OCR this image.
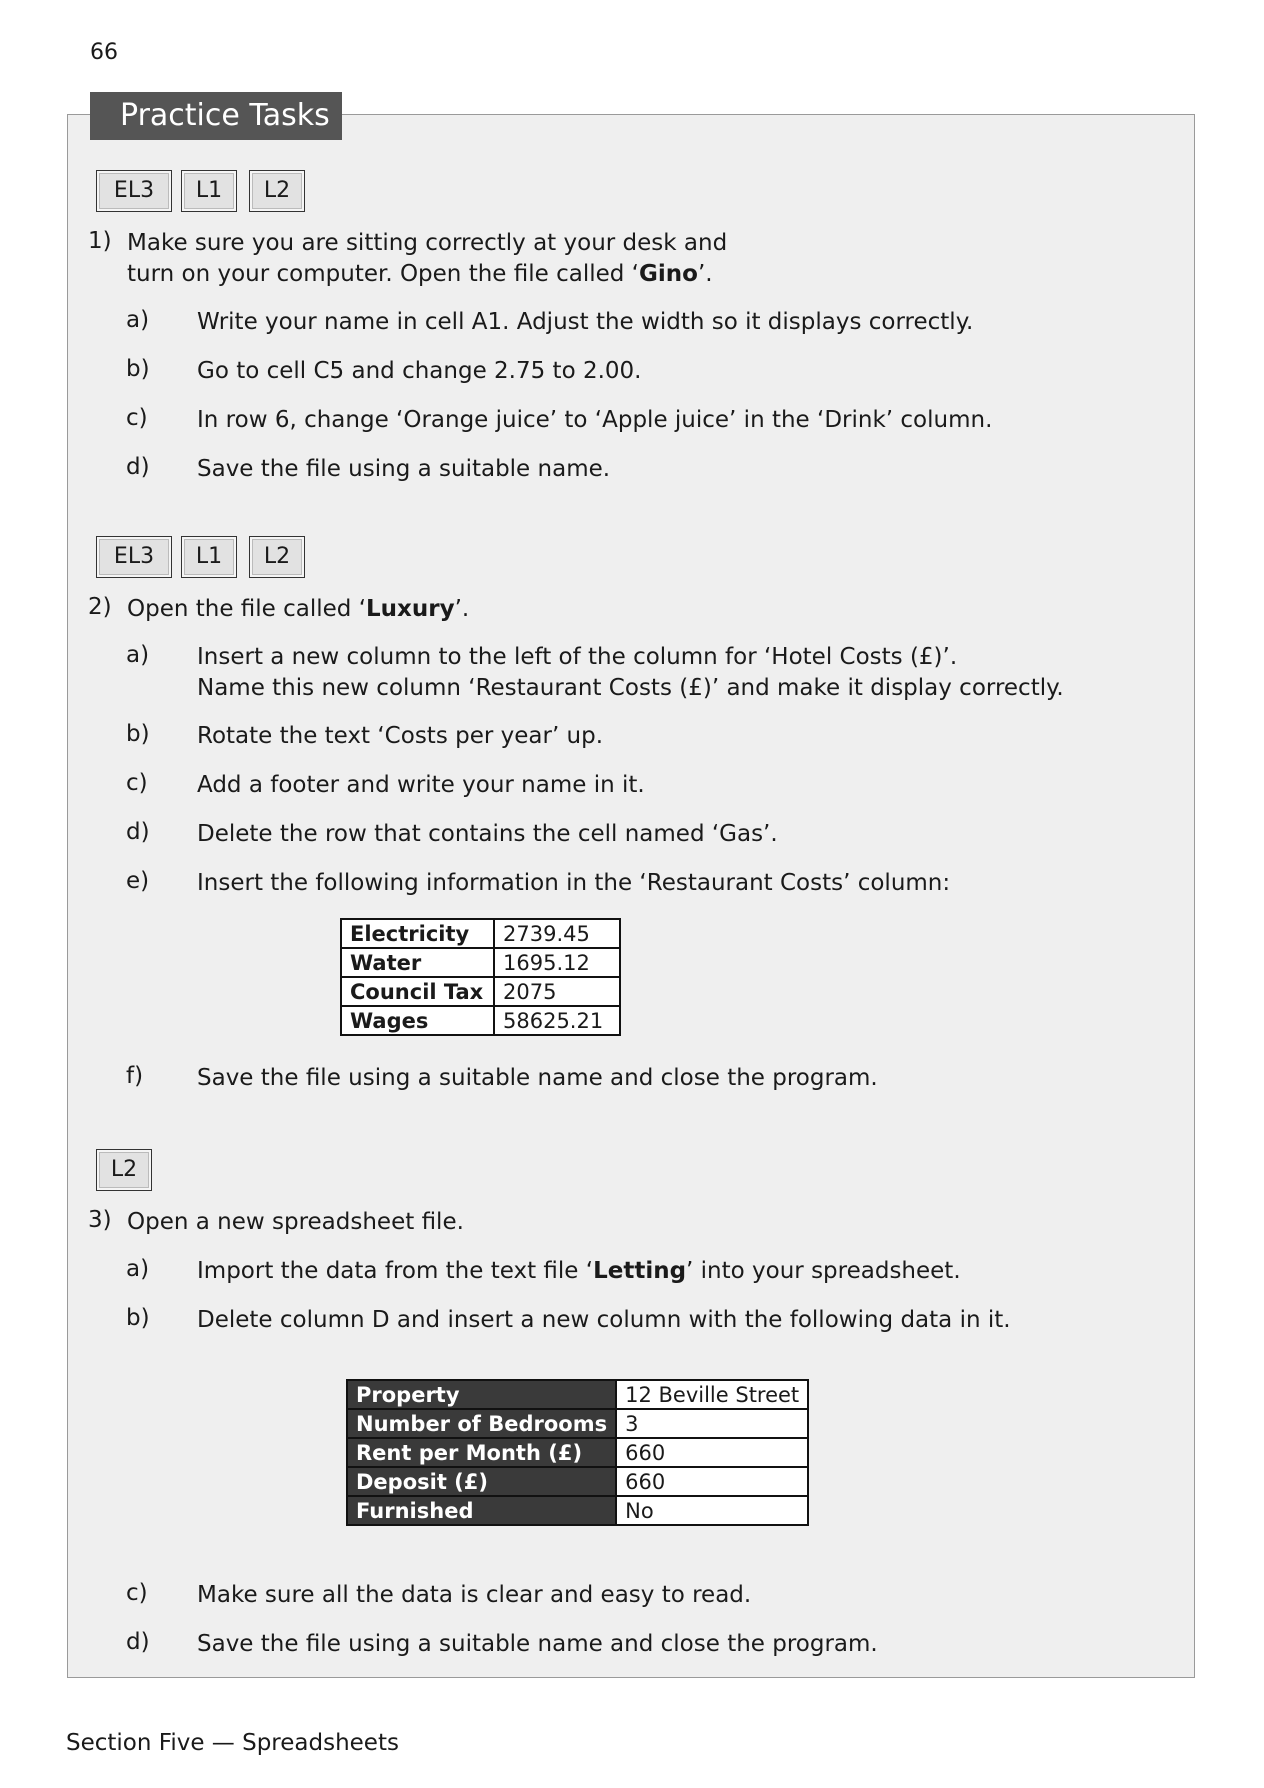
66
Practice Tasks
EL3	L1	L2
1) Make sure you are sitting correctly at your desk and
turn on your computer. Open the file called ‘Gino’.
a) Write your name in cell A1. Adjust the width so it displays correctly.
b) Go to cell C5 and change 2.75 to 2.00.
c) In row 6, change ‘Orange juice’ to ‘Apple juice’ in the ‘Drink’ column.
d) Save the file using a suitable name.
EL3	L1	L2
2) Open the file called ‘Luxury’.
a) Insert a new column to the left of the column for ‘Hotel Costs (£)’.
Name this new column ‘Restaurant Costs (£)’ and make it display correctly.
b) Rotate the text ‘Costs per year’ up.
c) Add a footer and write your name in it.
d) Delete the row that contains the cell named ‘Gas’.
e) Insert the following information in the ‘Restaurant Costs’ column:
Electricity	2739.45
Water	1695.12
Council Tax	2075
Wages	58625.21
f) Save the file using a suitable name and close the program.
L2
3) Open a new spreadsheet file.
a) Import the data from the text file ‘Letting’ into your spreadsheet.
b) Delete column D and insert a new column with the following data in it.
Property	12 Beville Street
Number of Bedrooms	3
Rent per Month (£)	660
Deposit (£)	660
Furnished	No
c) Make sure all the data is clear and easy to read.
d) Save the file using a suitable name and close the program.
Section Five — Spreadsheets
